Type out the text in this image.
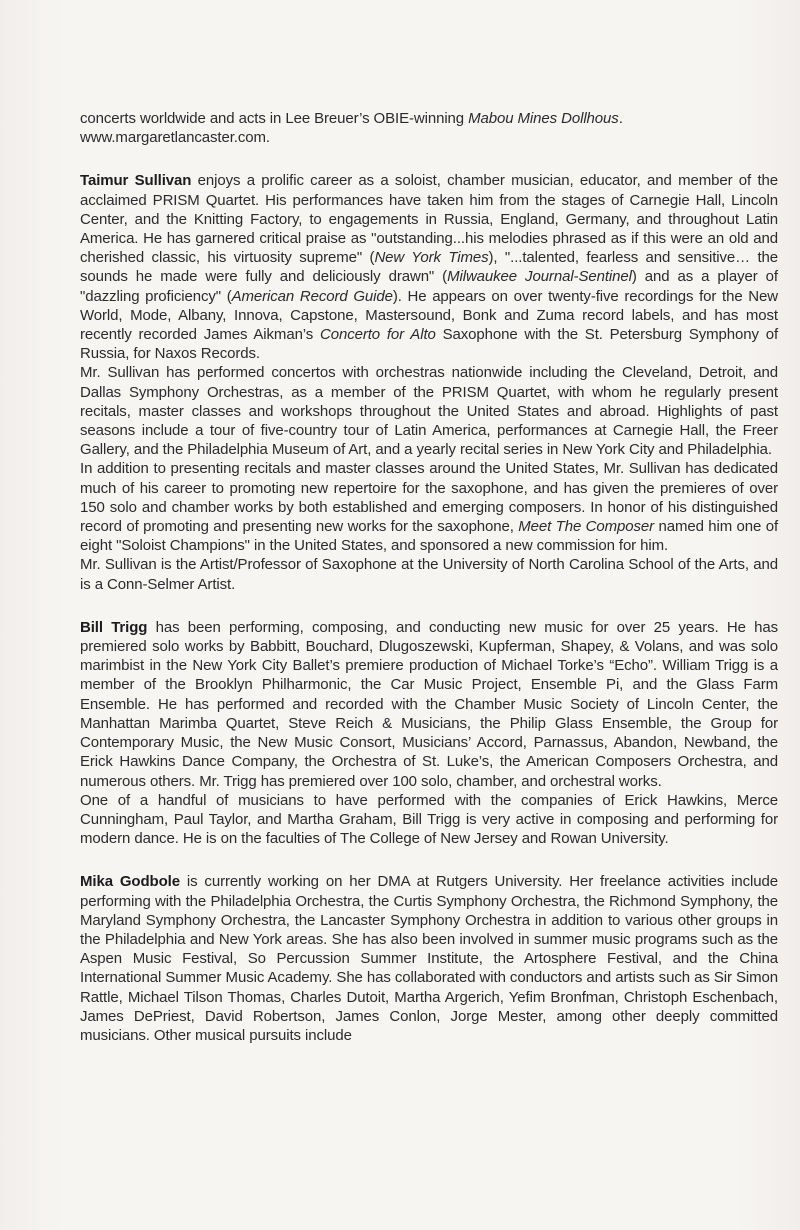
concerts worldwide and acts in Lee Breuer’s OBIE-winning Mabou Mines Dollhous.
www.margaretlancaster.com.

Taimur Sullivan enjoys a prolific career as a soloist, chamber musician, educator, and member of the acclaimed PRISM Quartet. His performances have taken him from the stages of Carnegie Hall, Lincoln Center, and the Knitting Factory, to engagements in Russia, England, Germany, and throughout Latin America. He has garnered critical praise as "outstanding...his melodies phrased as if this were an old and cherished classic, his virtuosity supreme" (New York Times), "...talented, fearless and sensitive… the sounds he made were fully and deliciously drawn" (Milwaukee Journal-Sentinel) and as a player of "dazzling proficiency" (American Record Guide). He appears on over twenty-five recordings for the New World, Mode, Albany, Innova, Capstone, Mastersound, Bonk and Zuma record labels, and has most recently recorded James Aikman’s Concerto for Alto Saxophone with the St. Petersburg Symphony of Russia, for Naxos Records.

Mr. Sullivan has performed concertos with orchestras nationwide including the Cleveland, Detroit, and Dallas Symphony Orchestras, as a member of the PRISM Quartet, with whom he regularly present recitals, master classes and workshops throughout the United States and abroad. Highlights of past seasons include a tour of five-country tour of Latin America, performances at Carnegie Hall, the Freer Gallery, and the Philadelphia Museum of Art, and a yearly recital series in New York City and Philadelphia.

In addition to presenting recitals and master classes around the United States, Mr. Sullivan has dedicated much of his career to promoting new repertoire for the saxophone, and has given the premieres of over 150 solo and chamber works by both established and emerging composers. In honor of his distinguished record of promoting and presenting new works for the saxophone, Meet The Composer named him one of eight "Soloist Champions" in the United States, and sponsored a new commission for him.

Mr. Sullivan is the Artist/Professor of Saxophone at the University of North Carolina School of the Arts, and is a Conn-Selmer Artist.

Bill Trigg has been performing, composing, and conducting new music for over 25 years. He has premiered solo works by Babbitt, Bouchard, Dlugoszewski, Kupferman, Shapey, & Volans, and was solo marimbist in the New York City Ballet’s premiere production of Michael Torke’s “Echo”. William Trigg is a member of the Brooklyn Philharmonic, the Car Music Project, Ensemble Pi, and the Glass Farm Ensemble. He has performed and recorded with the Chamber Music Society of Lincoln Center, the Manhattan Marimba Quartet, Steve Reich & Musicians, the Philip Glass Ensemble, the Group for Contemporary Music, the New Music Consort, Musicians’ Accord, Parnassus, Abandon, Newband, the Erick Hawkins Dance Company, the Orchestra of St. Luke’s, the American Composers Orchestra, and numerous others. Mr. Trigg has premiered over 100 solo, chamber, and orchestral works.

One of a handful of musicians to have performed with the companies of Erick Hawkins, Merce Cunningham, Paul Taylor, and Martha Graham, Bill Trigg is very active in composing and performing for modern dance. He is on the faculties of The College of New Jersey and Rowan University.

Mika Godbole is currently working on her DMA at Rutgers University. Her freelance activities include performing with the Philadelphia Orchestra, the Curtis Symphony Orchestra, the Richmond Symphony, the Maryland Symphony Orchestra, the Lancaster Symphony Orchestra in addition to various other groups in the Philadelphia and New York areas. She has also been involved in summer music programs such as the Aspen Music Festival, So Percussion Summer Institute, the Artosphere Festival, and the China International Summer Music Academy. She has collaborated with conductors and artists such as Sir Simon Rattle, Michael Tilson Thomas, Charles Dutoit, Martha Argerich, Yefim Bronfman, Christoph Eschenbach, James DePriest, David Robertson, James Conlon, Jorge Mester, among other deeply committed musicians. Other musical pursuits include
